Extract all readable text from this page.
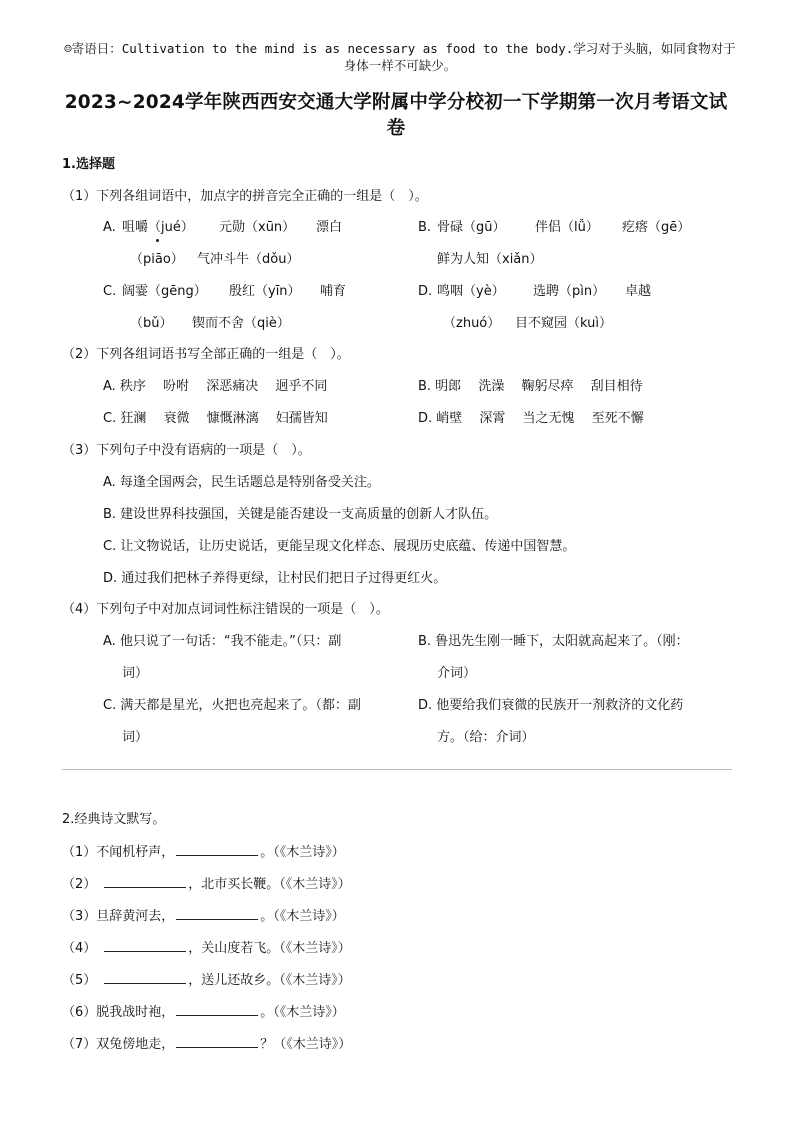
☺寄语日：Cultivation to the mind is as necessary as food to the body.学习对于头脑，如同食物对于
身体一样不可缺少。
2023~2024学年陕西西安交通大学附属中学分校初一下学期第一次月考语文试
卷
1.选择题
（1）下列各组词语中，加点字的拼音完全正确的一组是（　）。
A. 咀嚼（jué） 元勋（xūn） 漂白
（piāo） 气冲斗牛（dǒu）
B. 骨碌（gū） 伴侣（lǚ） 疙瘩（gē）
鲜为人知（xiǎn）
C. 阔霎（gēng） 殷红（yīn） 哺育
（bǔ） 锲而不舍（qiè）
D. 鸣咽（yè） 选聘（pìn） 卓越
（zhuó） 目不窥园（kuì）
（2）下列各组词语书写全部正确的一组是（　）。
A. 秩序　 吩咐　 深恶痛决　 迥乎不同	B. 明郎　 洗澡　 鞠躬尽瘁　 刮目相待
C. 狂澜　 衰微　 慷慨淋漓　 妇孺皆知	D. 峭壁　 深霄　 当之无愧　 至死不懈
（3）下列句子中没有语病的一项是（　）。
A. 每逢全国两会，民生话题总是特别备受关注。
B. 建设世界科技强国，关键是能否建设一支高质量的创新人才队伍。
C. 让文物说话，让历史说话，更能呈现文化样态、展现历史底蕴、传递中国智慧。
D. 通过我们把林子养得更绿，让村民们把日子过得更红火。
（4）下列句子中对加点词词性标注错误的一项是（　）。
A. 他只说了一句话：“我不能走。”（只：副
词）
B. 鲁迅先生刚一睡下，太阳就高起来了。（刚：
介词）
C. 满天都是星光，火把也亮起来了。（都：副
词）
D. 他要给我们衰微的民族开一剂救济的文化药
方。（给：介词）
2.经典诗文默写。
（1）不闻机杼声，	。（《木兰诗》）
（2）	，北市买长鞭。（《木兰诗》）
（3）旦辞黄河去，	。（《木兰诗》）
（4）	，关山度若飞。（《木兰诗》）
（5）	，送儿还故乡。（《木兰诗》）
（6）脱我战时袍，	。（《木兰诗》）
（7）双兔傍地走，	？（《木兰诗》）
